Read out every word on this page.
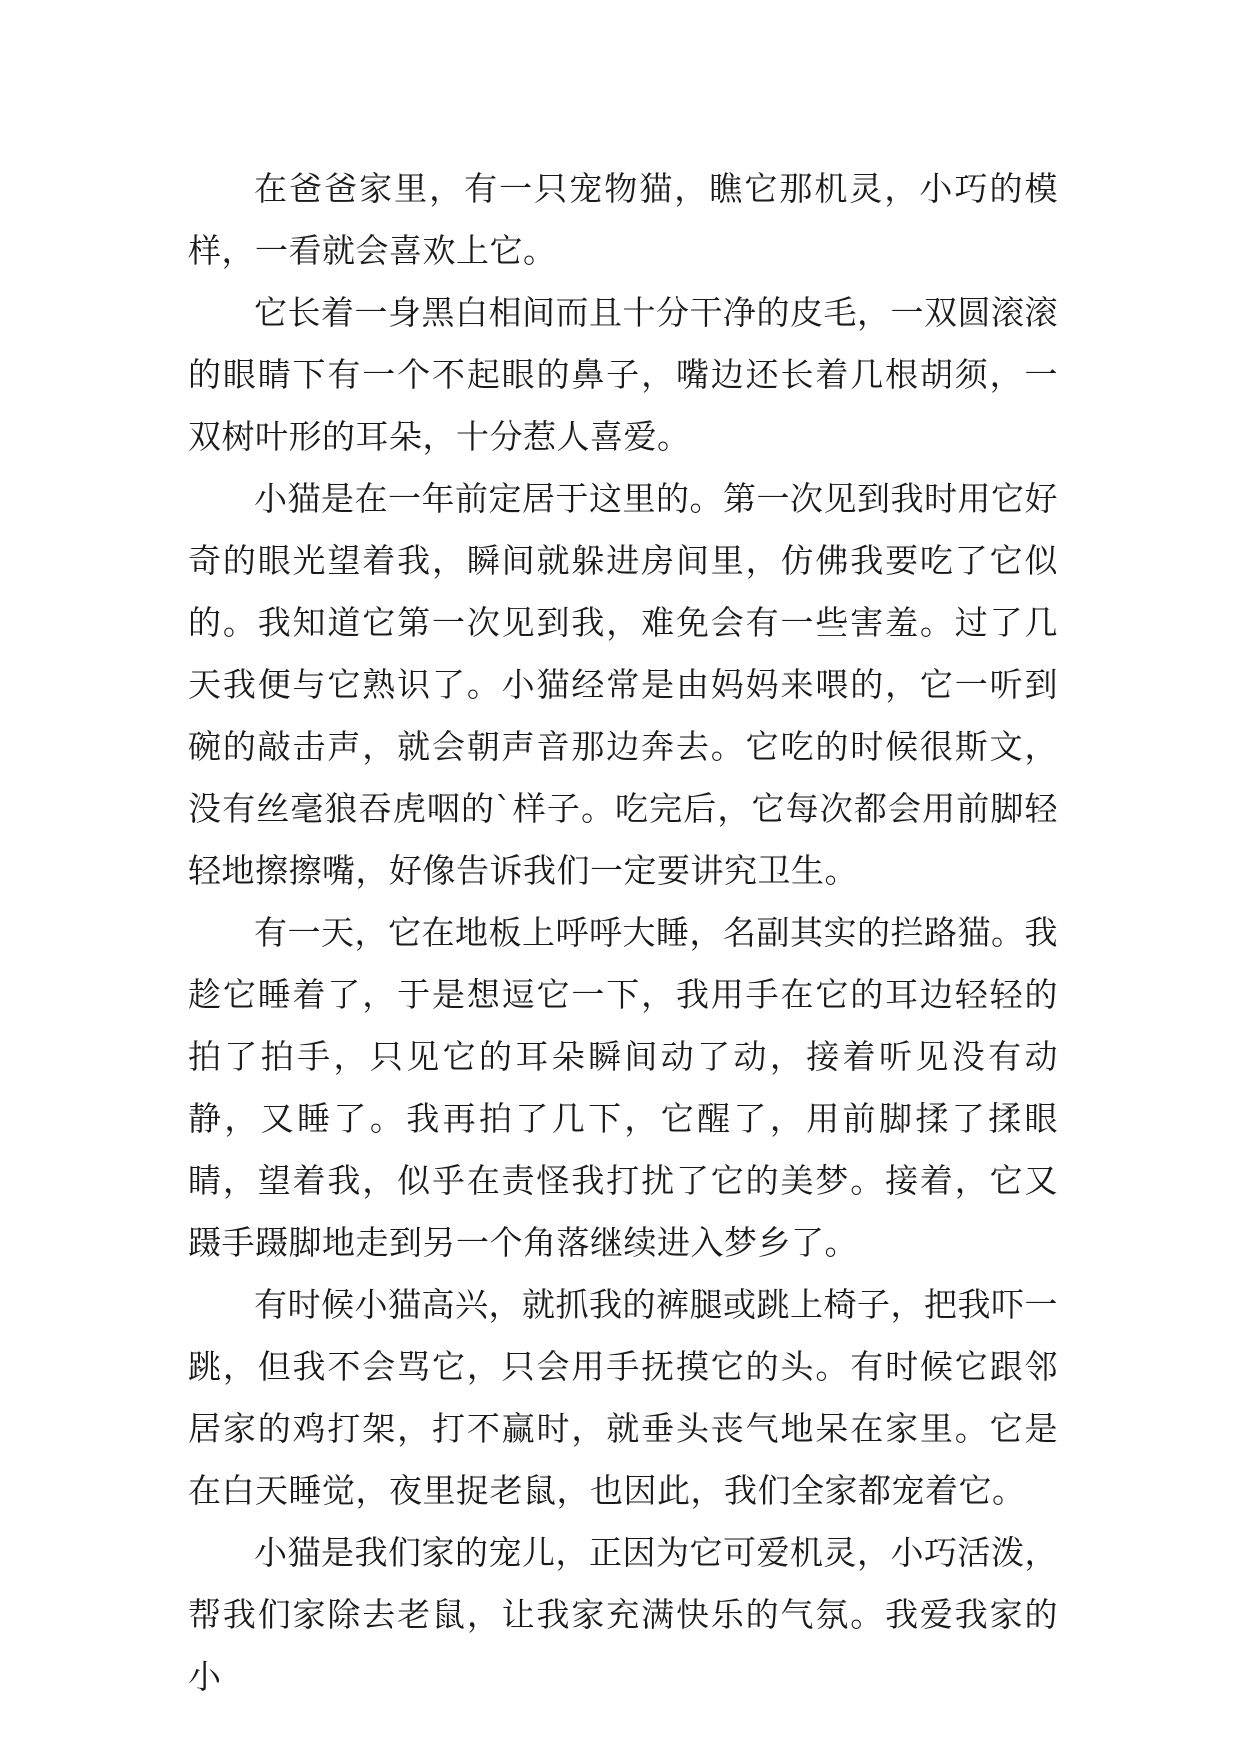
在爸爸家里，有一只宠物猫，瞧它那机灵，小巧的模样，一看就会喜欢上它。

它长着一身黑白相间而且十分干净的皮毛，一双圆滚滚的眼睛下有一个不起眼的鼻子，嘴边还长着几根胡须，一双树叶形的耳朵，十分惹人喜爱。

小猫是在一年前定居于这里的。第一次见到我时用它好奇的眼光望着我，瞬间就躲进房间里，仿佛我要吃了它似的。我知道它第一次见到我，难免会有一些害羞。过了几天我便与它熟识了。小猫经常是由妈妈来喂的，它一听到碗的敲击声，就会朝声音那边奔去。它吃的时候很斯文，没有丝毫狼吞虎咽的`样子。吃完后，它每次都会用前脚轻轻地擦擦嘴，好像告诉我们一定要讲究卫生。

有一天，它在地板上呼呼大睡，名副其实的拦路猫。我趁它睡着了，于是想逗它一下，我用手在它的耳边轻轻的拍了拍手，只见它的耳朵瞬间动了动，接着听见没有动静，又睡了。我再拍了几下，它醒了，用前脚揉了揉眼睛，望着我，似乎在责怪我打扰了它的美梦。接着，它又蹑手蹑脚地走到另一个角落继续进入梦乡了。

有时候小猫高兴，就抓我的裤腿或跳上椅子，把我吓一跳，但我不会骂它，只会用手抚摸它的头。有时候它跟邻居家的鸡打架，打不赢时，就垂头丧气地呆在家里。它是在白天睡觉，夜里捉老鼠，也因此，我们全家都宠着它。

小猫是我们家的宠儿，正因为它可爱机灵，小巧活泼，帮我们家除去老鼠，让我家充满快乐的气氛。我爱我家的小
